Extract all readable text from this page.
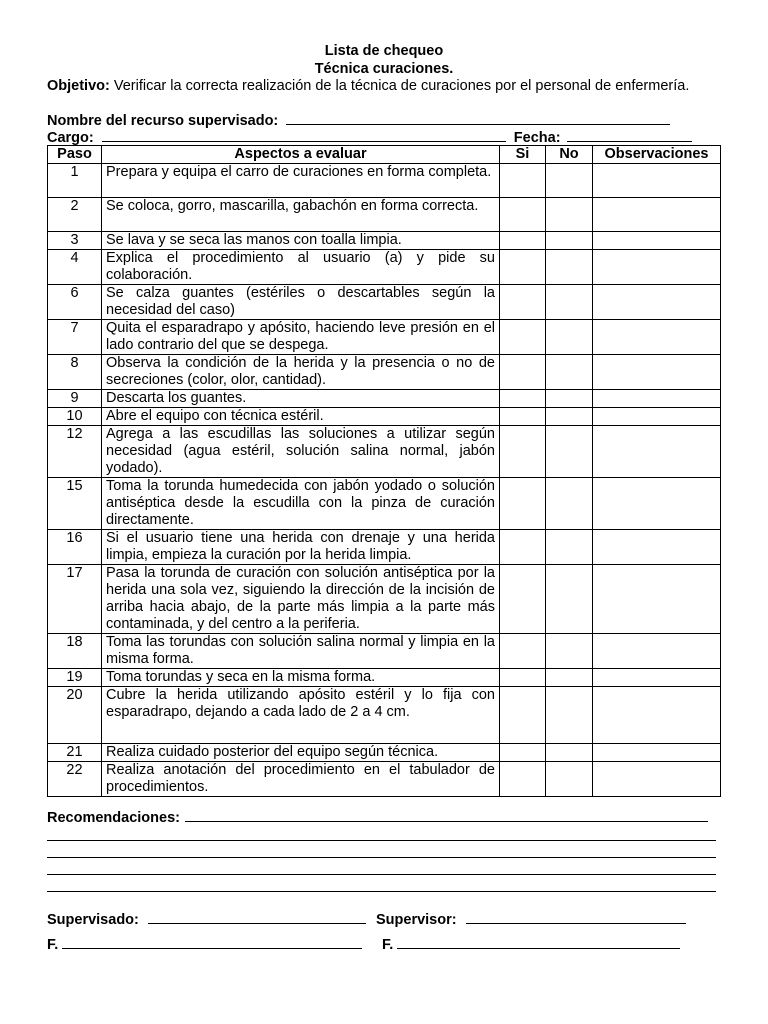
Lista de chequeo
Técnica curaciones.
Objetivo: Verificar la correcta realización de la técnica de curaciones por el personal de enfermería.
Nombre del recurso supervisado:
Cargo:	Fecha:
Paso	Aspectos a evaluar	Si	No	Observaciones
1	Prepara y equipa el carro de curaciones en forma completa.			
2	Se coloca, gorro, mascarilla, gabachón en forma correcta.			
3	Se lava y se seca las manos con toalla limpia.			
4	Explica el procedimiento al usuario (a) y pide su colaboración.			
6	Se calza guantes (estériles o descartables según la necesidad del caso)			
7	Quita el esparadrapo y apósito, haciendo leve presión en el lado contrario del que se despega.			
8	Observa la condición de la herida y la presencia o no de secreciones (color, olor, cantidad).			
9	Descarta los guantes.			
10	Abre el equipo con técnica estéril.			
12	Agrega a las escudillas las soluciones a utilizar según necesidad (agua estéril, solución salina normal, jabón yodado).			
15	Toma la torunda humedecida con jabón yodado o solución antiséptica desde la escudilla con la pinza de curación directamente.			
16	Si el usuario tiene una herida con drenaje y una herida limpia, empieza la curación por la herida limpia.			
17	Pasa la torunda de curación con solución antiséptica por la herida una sola vez, siguiendo la dirección de la incisión de arriba hacia abajo, de la parte más limpia a la parte más contaminada, y del centro a la periferia.			
18	Toma las torundas con solución salina normal y limpia en la misma forma.			
19	Toma torundas y seca en la misma forma.			
20	Cubre la herida utilizando apósito estéril y lo fija con esparadrapo, dejando a cada lado de 2 a 4 cm.			
21	Realiza cuidado posterior del equipo según técnica.			
22	Realiza anotación del procedimiento en el tabulador de procedimientos.			
Recomendaciones:
Supervisado:	Supervisor:
F.	F.
